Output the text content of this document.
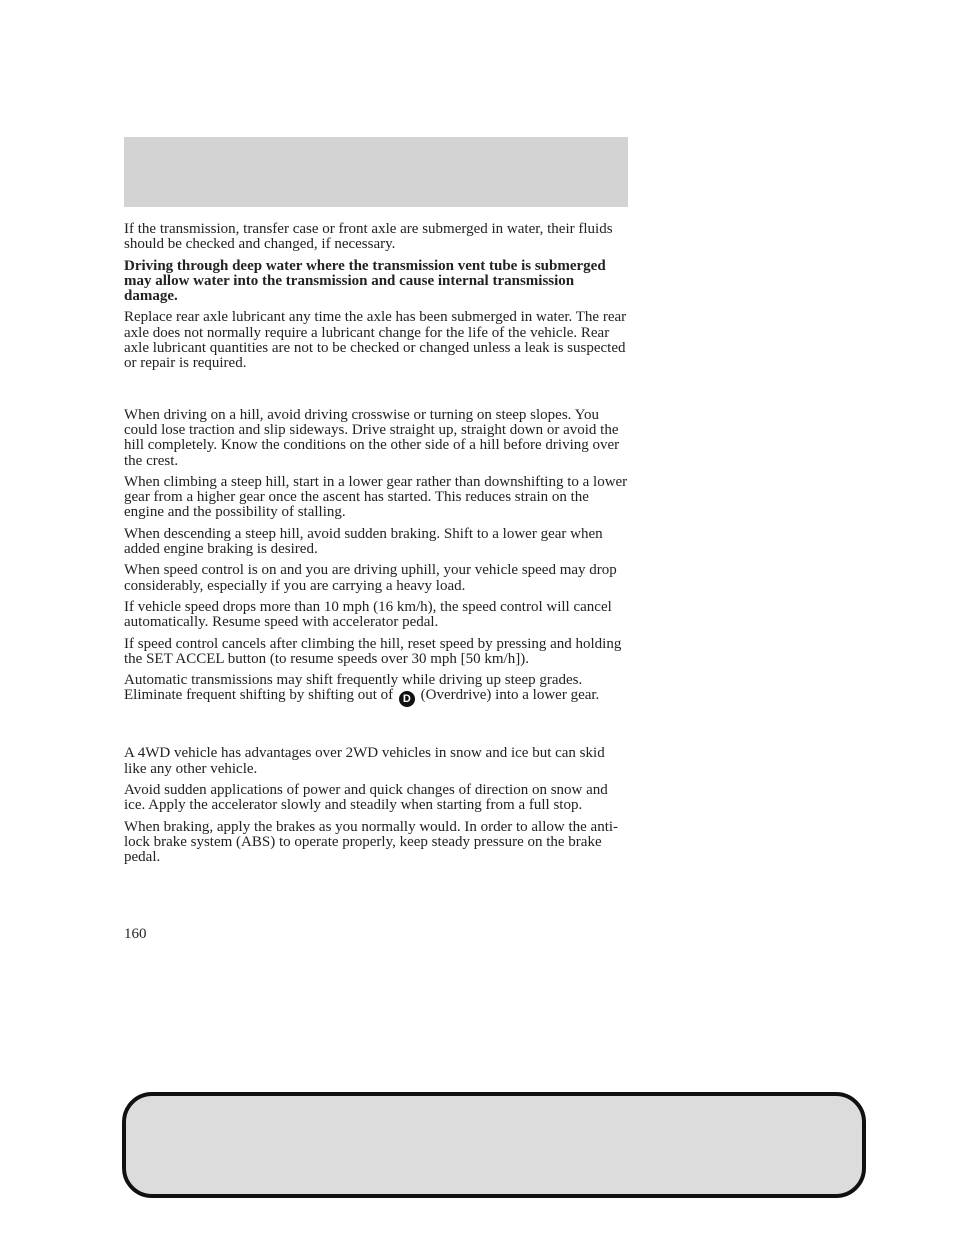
If the transmission, transfer case or front axle are submerged in water, their fluids should be checked and changed, if necessary.

Driving through deep water where the transmission vent tube is submerged may allow water into the transmission and cause internal transmission damage.

Replace rear axle lubricant any time the axle has been submerged in water. The rear axle does not normally require a lubricant change for the life of the vehicle. Rear axle lubricant quantities are not to be checked or changed unless a leak is suspected or repair is required.

When driving on a hill, avoid driving crosswise or turning on steep slopes. You could lose traction and slip sideways. Drive straight up, straight down or avoid the hill completely. Know the conditions on the other side of a hill before driving over the crest.

When climbing a steep hill, start in a lower gear rather than downshifting to a lower gear from a higher gear once the ascent has started. This reduces strain on the engine and the possibility of stalling.

When descending a steep hill, avoid sudden braking. Shift to a lower gear when added engine braking is desired.

When speed control is on and you are driving uphill, your vehicle speed may drop considerably, especially if you are carrying a heavy load.

If vehicle speed drops more than 10 mph (16 km/h), the speed control will cancel automatically. Resume speed with accelerator pedal.

If speed control cancels after climbing the hill, reset speed by pressing and holding the SET ACCEL button (to resume speeds over 30 mph [50 km/h]).

Automatic transmissions may shift frequently while driving up steep grades. Eliminate frequent shifting by shifting out of D (Overdrive) into a lower gear.

A 4WD vehicle has advantages over 2WD vehicles in snow and ice but can skid like any other vehicle.

Avoid sudden applications of power and quick changes of direction on snow and ice. Apply the accelerator slowly and steadily when starting from a full stop.

When braking, apply the brakes as you normally would. In order to allow the anti-lock brake system (ABS) to operate properly, keep steady pressure on the brake pedal.

160
